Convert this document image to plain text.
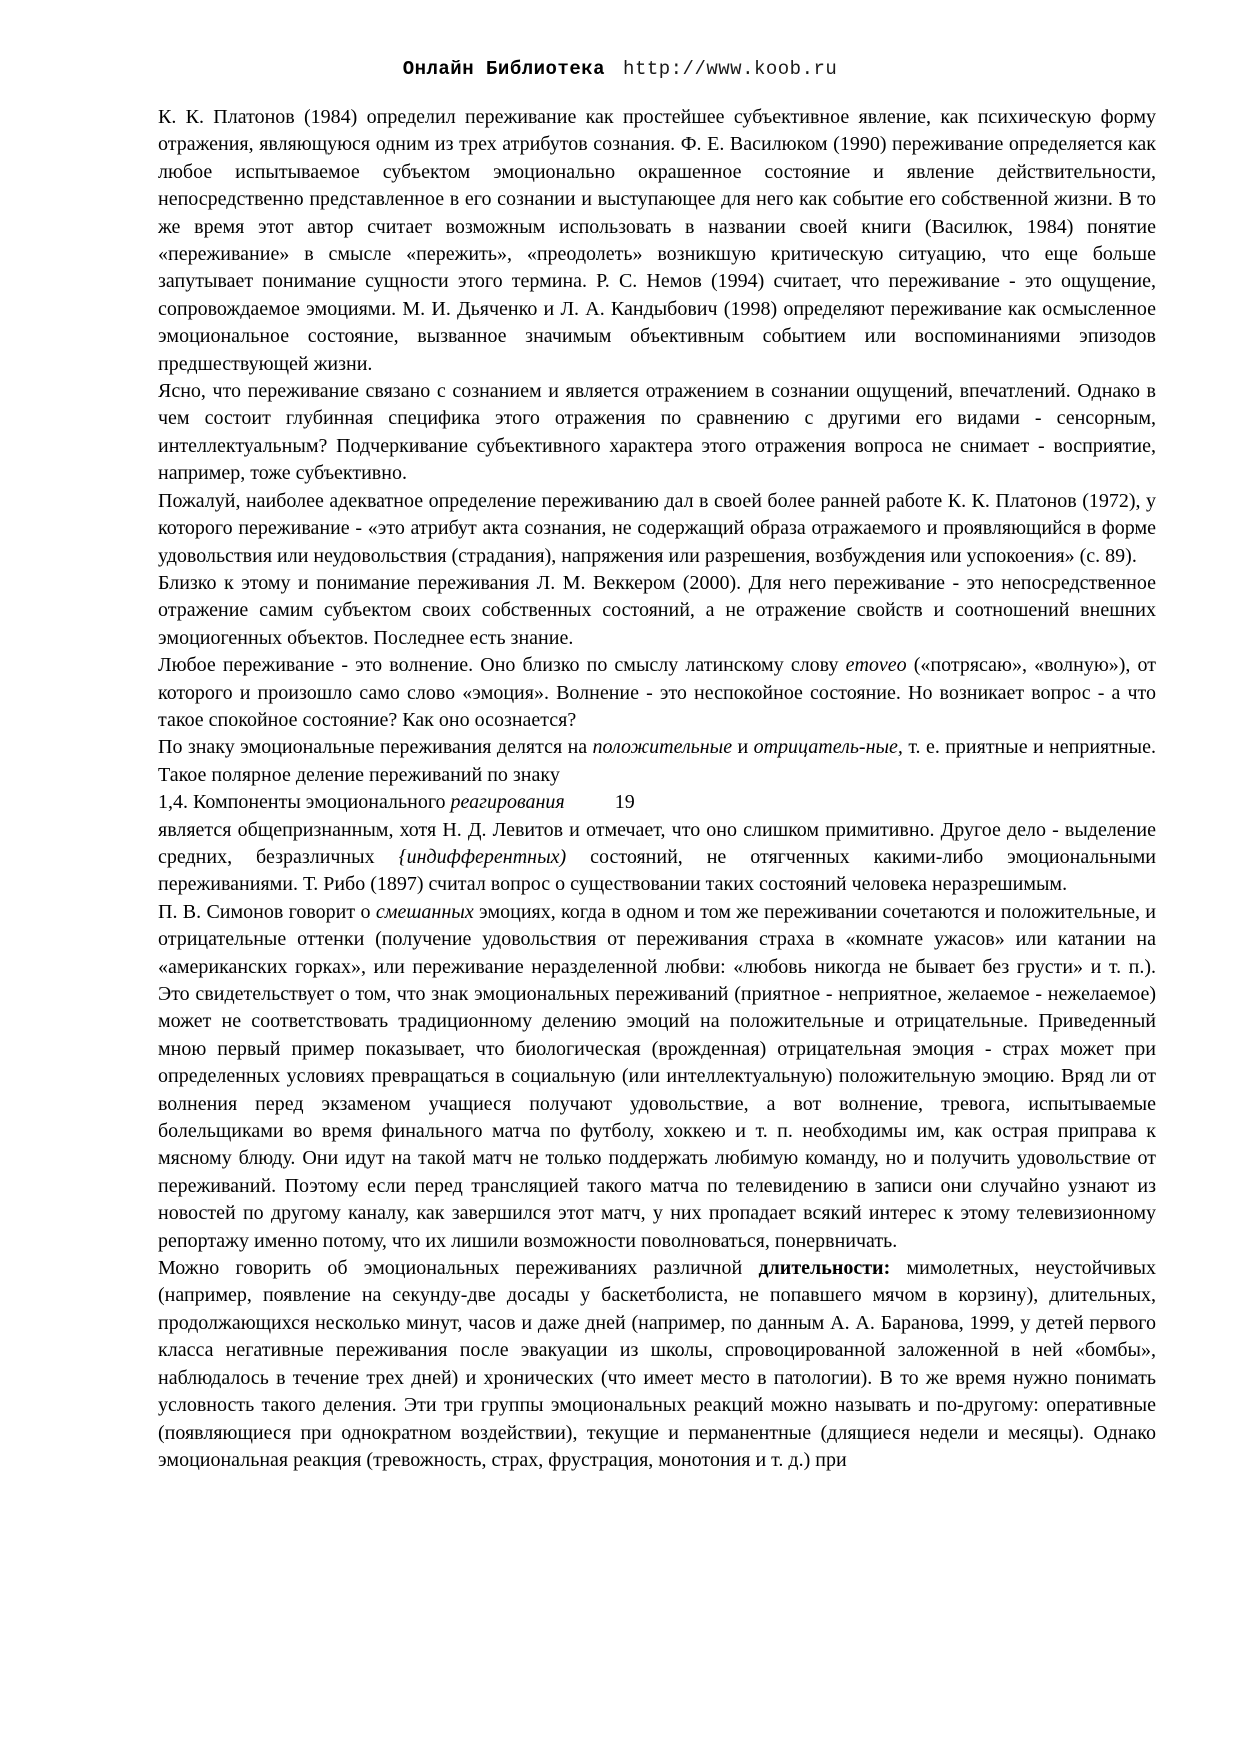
Онлайн Библиотека http://www.koob.ru

К. К. Платонов (1984) определил переживание как простейшее субъективное явление, как психическую форму отражения, являющуюся одним из трех атрибутов сознания. Ф. Е. Василюком (1990) переживание определяется как любое испытываемое субъектом эмоционально окрашенное состояние и явление действительности, непосредственно представленное в его сознании и выступающее для него как событие его собственной жизни. В то же время этот автор считает возможным использовать в названии своей книги (Василюк, 1984) понятие «переживание» в смысле «пережить», «преодолеть» возникшую критическую ситуацию, что еще больше запутывает понимание сущности этого термина. Р. С. Немов (1994) считает, что переживание - это ощущение, сопровождаемое эмоциями. М. И. Дьяченко и Л. А. Кандыбович (1998) определяют переживание как осмысленное эмоциональное состояние, вызванное значимым объективным событием или воспоминаниями эпизодов предшествующей жизни.

Ясно, что переживание связано с сознанием и является отражением в сознании ощущений, впечатлений. Однако в чем состоит глубинная специфика этого отражения по сравнению с другими его видами - сенсорным, интеллектуальным? Подчеркивание субъективного характера этого отражения вопроса не снимает - восприятие, например, тоже субъективно.

Пожалуй, наиболее адекватное определение переживанию дал в своей более ранней работе К. К. Платонов (1972), у которого переживание - «это атрибут акта сознания, не содержащий образа отражаемого и проявляющийся в форме удовольствия или неудовольствия (страдания), напряжения или разрешения, возбуждения или успокоения» (с. 89).

Близко к этому и понимание переживания Л. М. Веккером (2000). Для него переживание - это непосредственное отражение самим субъектом своих собственных состояний, а не отражение свойств и соотношений внешних эмоциогенных объектов. Последнее есть знание.

Любое переживание - это волнение. Оно близко по смыслу латинскому слову emoveo («потрясаю», «волную»), от которого и произошло само слово «эмоция». Волнение - это неспокойное состояние. Но возникает вопрос - а что такое спокойное состояние? Как оно осознается?

По знаку эмоциональные переживания делятся на положительные и отрицатель-ные, т. е. приятные и неприятные. Такое полярное деление переживаний по знаку

1,4. Компоненты эмоционального реагирования	19

является общепризнанным, хотя Н. Д. Левитов и отмечает, что оно слишком примитивно. Другое дело - выделение средних, безразличных {индифферентных) состояний, не отягченных какими-либо эмоциональными переживаниями. Т. Рибо (1897) считал вопрос о существовании таких состояний человека неразрешимым.

П. В. Симонов говорит о смешанных эмоциях, когда в одном и том же переживании сочетаются и положительные, и отрицательные оттенки (получение удовольствия от переживания страха в «комнате ужасов» или катании на «американских горках», или переживание неразделенной любви: «любовь никогда не бывает без грусти» и т. п.). Это свидетельствует о том, что знак эмоциональных переживаний (приятное - неприятное, желаемое - нежелаемое) может не соответствовать традиционному делению эмоций на положительные и отрицательные. Приведенный мною первый пример показывает, что биологическая (врожденная) отрицательная эмоция - страх может при определенных условиях превращаться в социальную (или интеллектуальную) положительную эмоцию. Вряд ли от волнения перед экзаменом учащиеся получают удовольствие, а вот волнение, тревога, испытываемые болельщиками во время финального матча по футболу, хоккею и т. п. необходимы им, как острая приправа к мясному блюду. Они идут на такой матч не только поддержать любимую команду, но и получить удовольствие от переживаний. Поэтому если перед трансляцией такого матча по телевидению в записи они случайно узнают из новостей по другому каналу, как завершился этот матч, у них пропадает всякий интерес к этому телевизионному репортажу именно потому, что их лишили возможности поволноваться, понервничать.

Можно говорить об эмоциональных переживаниях различной длительности: мимолетных, неустойчивых (например, появление на секунду-две досады у баскетболиста, не попавшего мячом в корзину), длительных, продолжающихся несколько минут, часов и даже дней (например, по данным А. А. Баранова, 1999, у детей первого класса негативные переживания после эвакуации из школы, спровоцированной заложенной в ней «бомбы», наблюдалось в течение трех дней) и хронических (что имеет место в патологии). В то же время нужно понимать условность такого деления. Эти три группы эмоциональных реакций можно называть и по-другому: оперативные (появляющиеся при однократном воздействии), текущие и перманентные (длящиеся недели и месяцы). Однако эмоциональная реакция (тревожность, страх, фрустрация, монотония и т. д.) при
